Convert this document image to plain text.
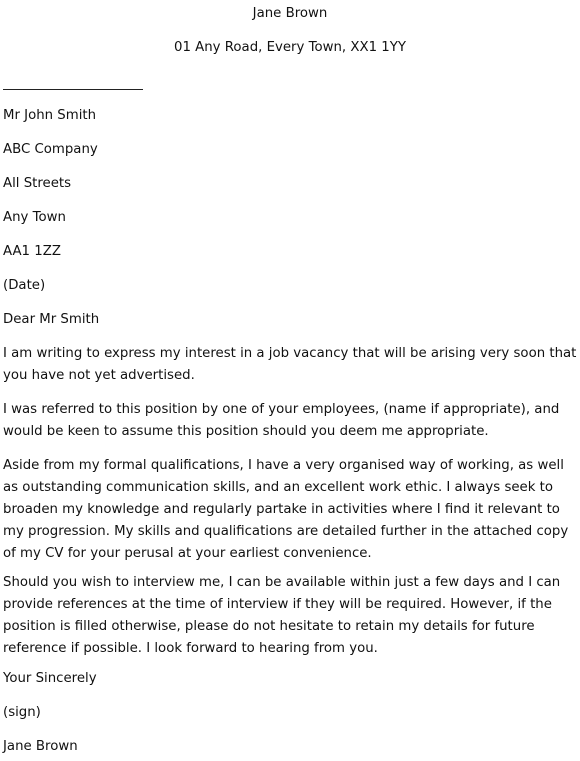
Jane Brown
01 Any Road, Every Town, XX1 1YY
Mr John Smith
ABC Company
All Streets
Any Town
AA1 1ZZ
(Date)
Dear Mr Smith

I am writing to express my interest in a job vacancy that will be arising very soon that you have not yet advertised.

I was referred to this position by one of your employees, (name if appropriate), and would be keen to assume this position should you deem me appropriate.

Aside from my formal qualifications, I have a very organised way of working, as well as outstanding communication skills, and an excellent work ethic. I always seek to broaden my knowledge and regularly partake in activities where I find it relevant to my progression. My skills and qualifications are detailed further in the attached copy of my CV for your perusal at your earliest convenience.

Should you wish to interview me, I can be available within just a few days and I can provide references at the time of interview if they will be required. However, if the position is filled otherwise, please do not hesitate to retain my details for future reference if possible. I look forward to hearing from you.

Your Sincerely
(sign)
Jane Brown
